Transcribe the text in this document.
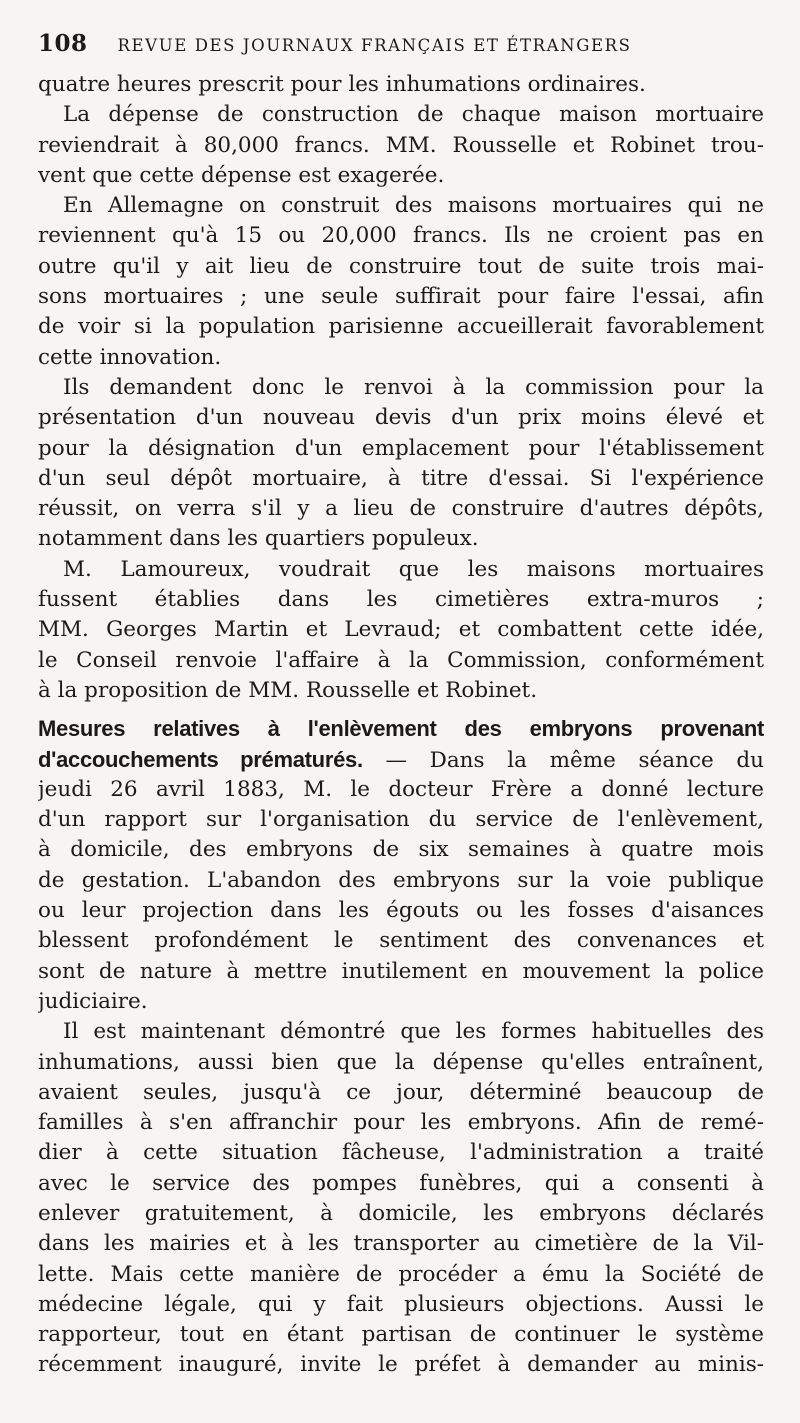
108 REVUE DES JOURNAUX FRANÇAIS ET ÉTRANGERS
quatre heures prescrit pour les inhumations ordinaires.
La dépense de construction de chaque maison mortuaire
reviendrait à 80,000 francs. MM. Rousselle et Robinet trou-
vent que cette dépense est exagerée.
En Allemagne on construit des maisons mortuaires qui ne
reviennent qu'à 15 ou 20,000 francs. Ils ne croient pas en
outre qu'il y ait lieu de construire tout de suite trois mai-
sons mortuaires ; une seule suffirait pour faire l'essai, afin
de voir si la population parisienne accueillerait favorablement
cette innovation.
Ils demandent donc le renvoi à la commission pour la
présentation d'un nouveau devis d'un prix moins élevé et
pour la désignation d'un emplacement pour l'établissement
d'un seul dépôt mortuaire, à titre d'essai. Si l'expérience
réussit, on verra s'il y a lieu de construire d'autres dépôts,
notamment dans les quartiers populeux.
M. Lamoureux, voudrait que les maisons mortuaires
fussent établies dans les cimetières extra-muros ;
MM. Georges Martin et Levraud; et combattent cette idée,
le Conseil renvoie l'affaire à la Commission, conformément
à la proposition de MM. Rousselle et Robinet.
Mesures relatives à l'enlèvement des embryons provenant
d'accouchements prématurés. — Dans la même séance du
jeudi 26 avril 1883, M. le docteur Frère a donné lecture
d'un rapport sur l'organisation du service de l'enlèvement,
à domicile, des embryons de six semaines à quatre mois
de gestation. L'abandon des embryons sur la voie publique
ou leur projection dans les égouts ou les fosses d'aisances
blessent profondément le sentiment des convenances et
sont de nature à mettre inutilement en mouvement la police
judiciaire.
Il est maintenant démontré que les formes habituelles des
inhumations, aussi bien que la dépense qu'elles entraînent,
avaient seules, jusqu'à ce jour, déterminé beaucoup de
familles à s'en affranchir pour les embryons. Afin de remé-
dier à cette situation fâcheuse, l'administration a traité
avec le service des pompes funèbres, qui a consenti à
enlever gratuitement, à domicile, les embryons déclarés
dans les mairies et à les transporter au cimetière de la Vil-
lette. Mais cette manière de procéder a ému la Société de
médecine légale, qui y fait plusieurs objections. Aussi le
rapporteur, tout en étant partisan de continuer le système
récemment inauguré, invite le préfet à demander au minis-
